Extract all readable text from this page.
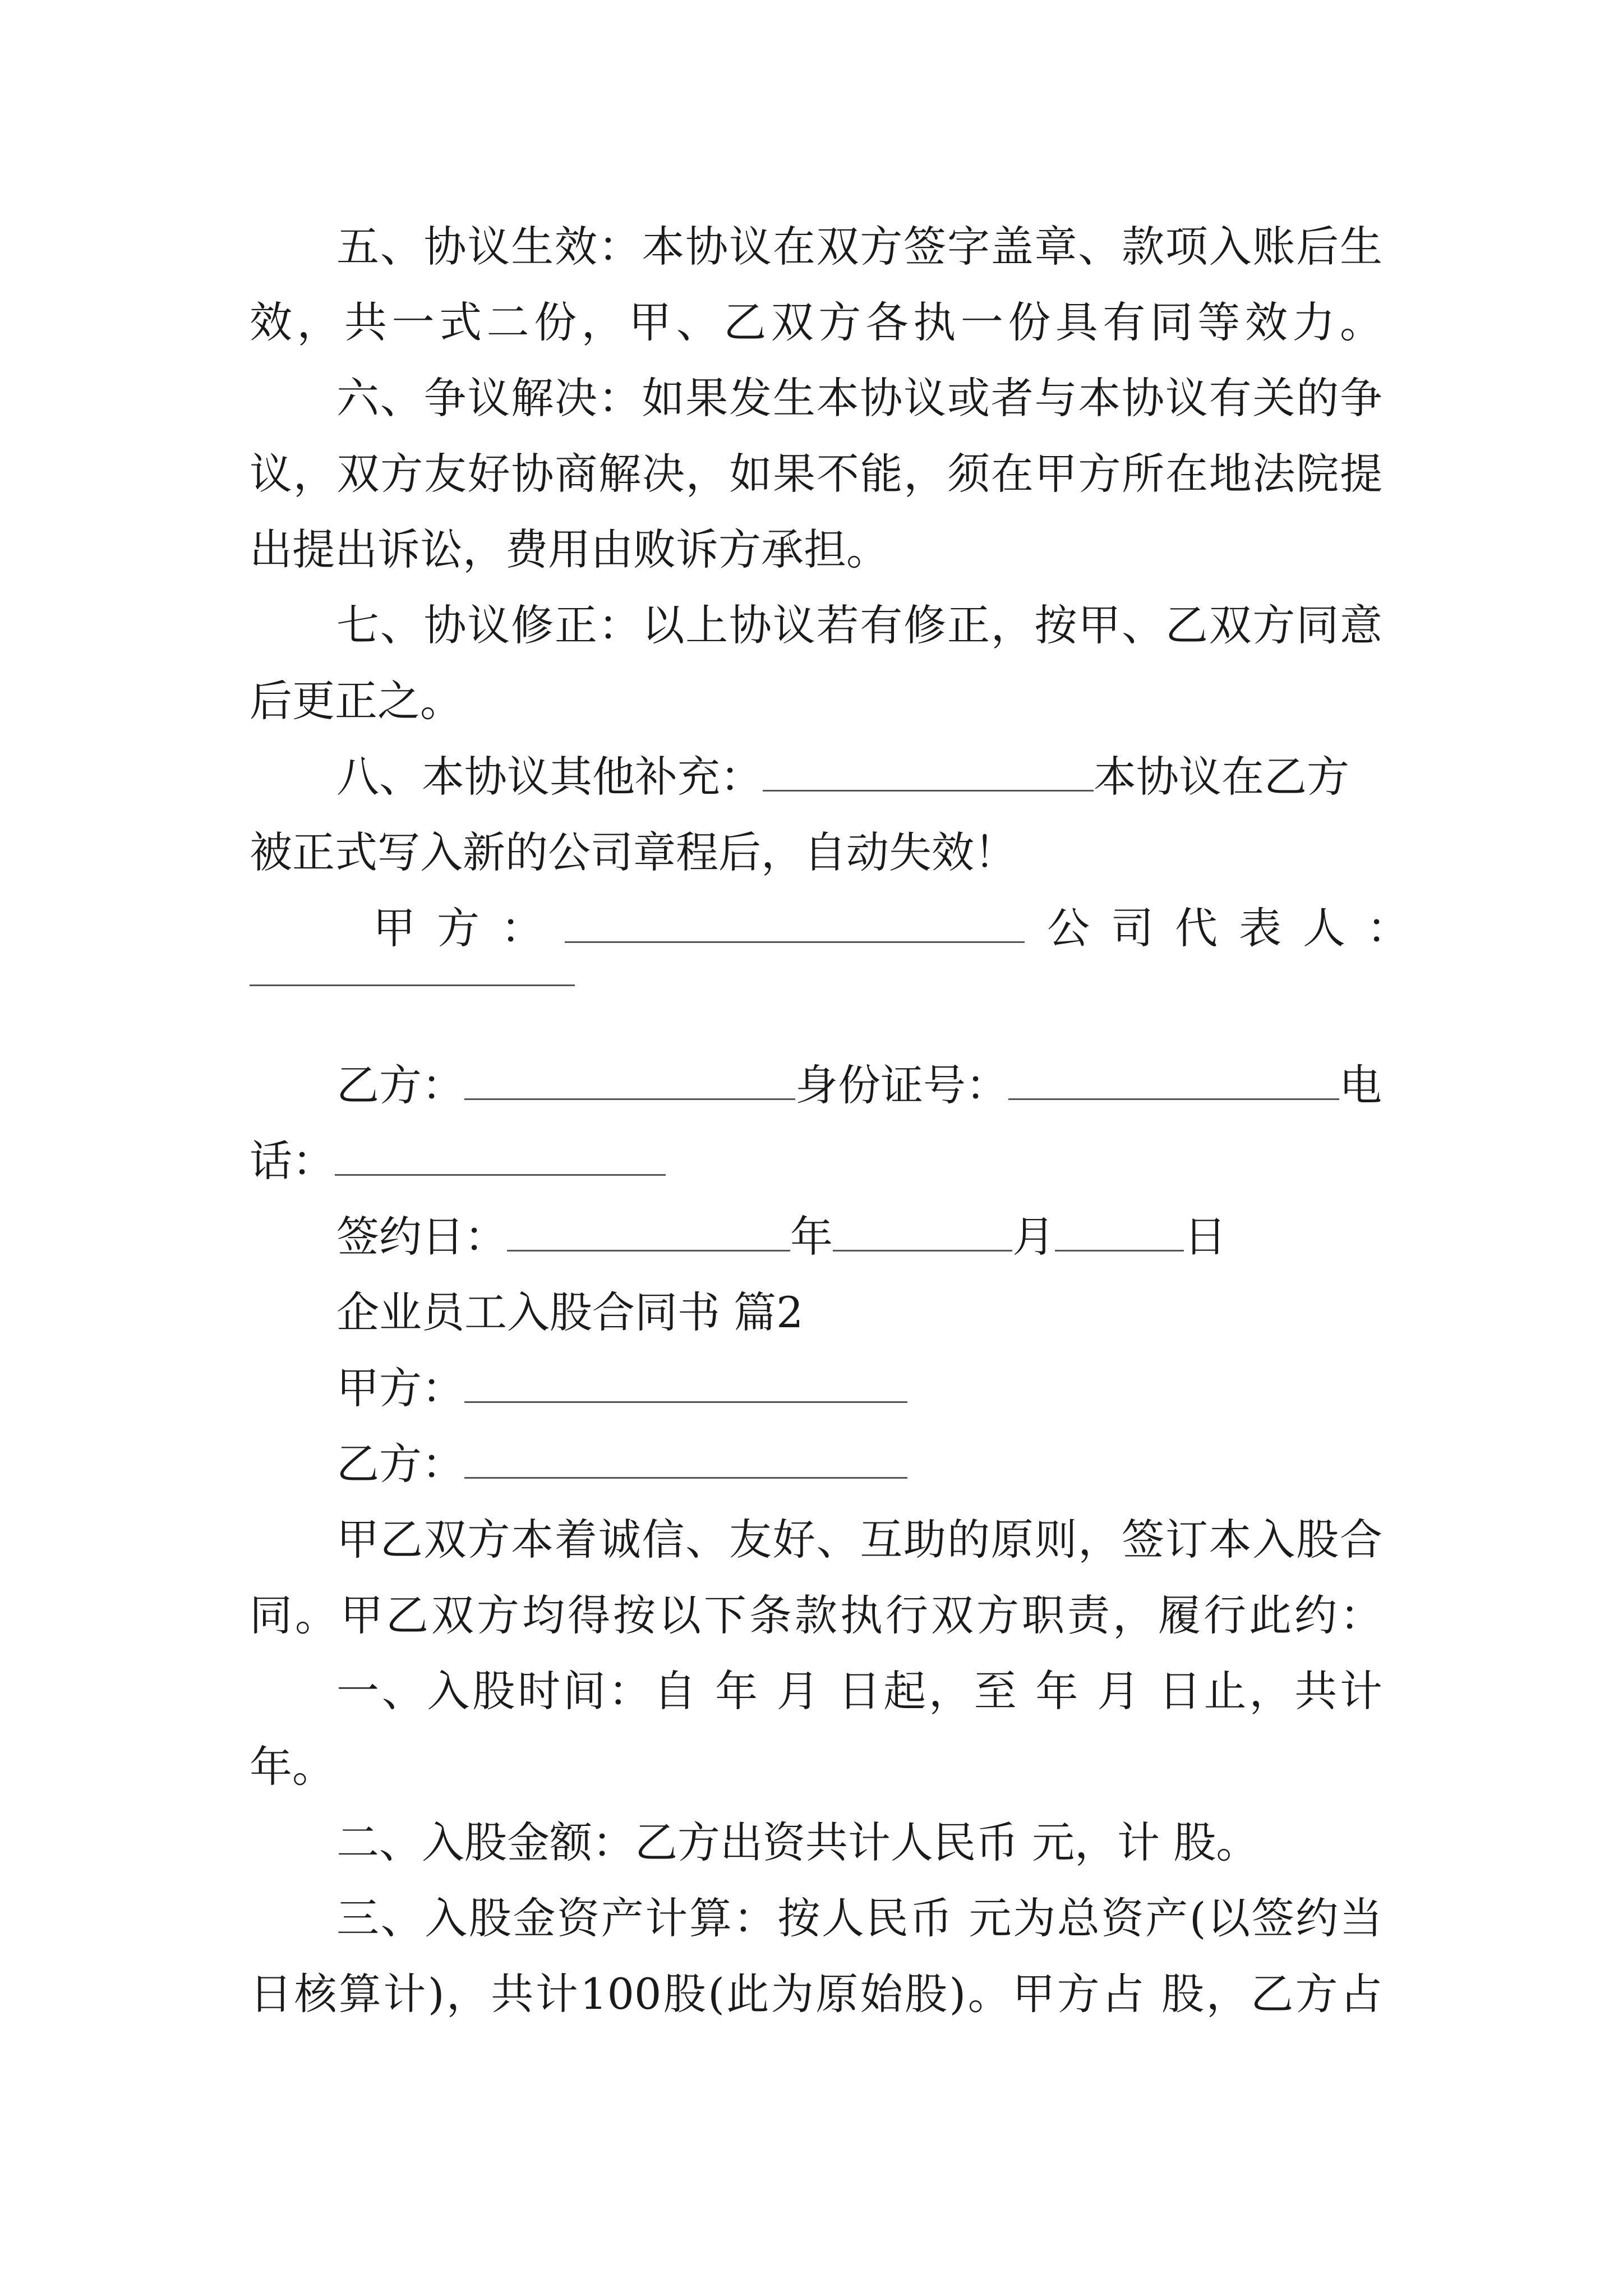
五、协议生效：本协议在双方签字盖章、款项入账后生
效，共一式二份，甲、乙双方各执一份具有同等效力。
六、争议解决：如果发生本协议或者与本协议有关的争
议，双方友好协商解决，如果不能，须在甲方所在地法院提
出提出诉讼，费用由败诉方承担。
七、协议修正：以上协议若有修正，按甲、乙双方同意
后更正之。
八、本协议其他补充：	本协议在乙方
被正式写入新的公司章程后，自动失效！
甲方：	公司代表人：
乙方：	身份证号：	电
话：
签约日：	年	月	日
企业员工入股合同书 篇2
甲方：
乙方：
甲乙双方本着诚信、友好、互助的原则，签订本入股合
同。甲乙双方均得按以下条款执行双方职责，履行此约：
一、入股时间：自 年 月 日起，至 年 月 日止，共计
年。
二、入股金额：乙方出资共计人民币 元，计 股。
三、入股金资产计算：按人民币 元为总资产(以签约当
日核算计)，共计100股(此为原始股)。甲方占 股，乙方占
